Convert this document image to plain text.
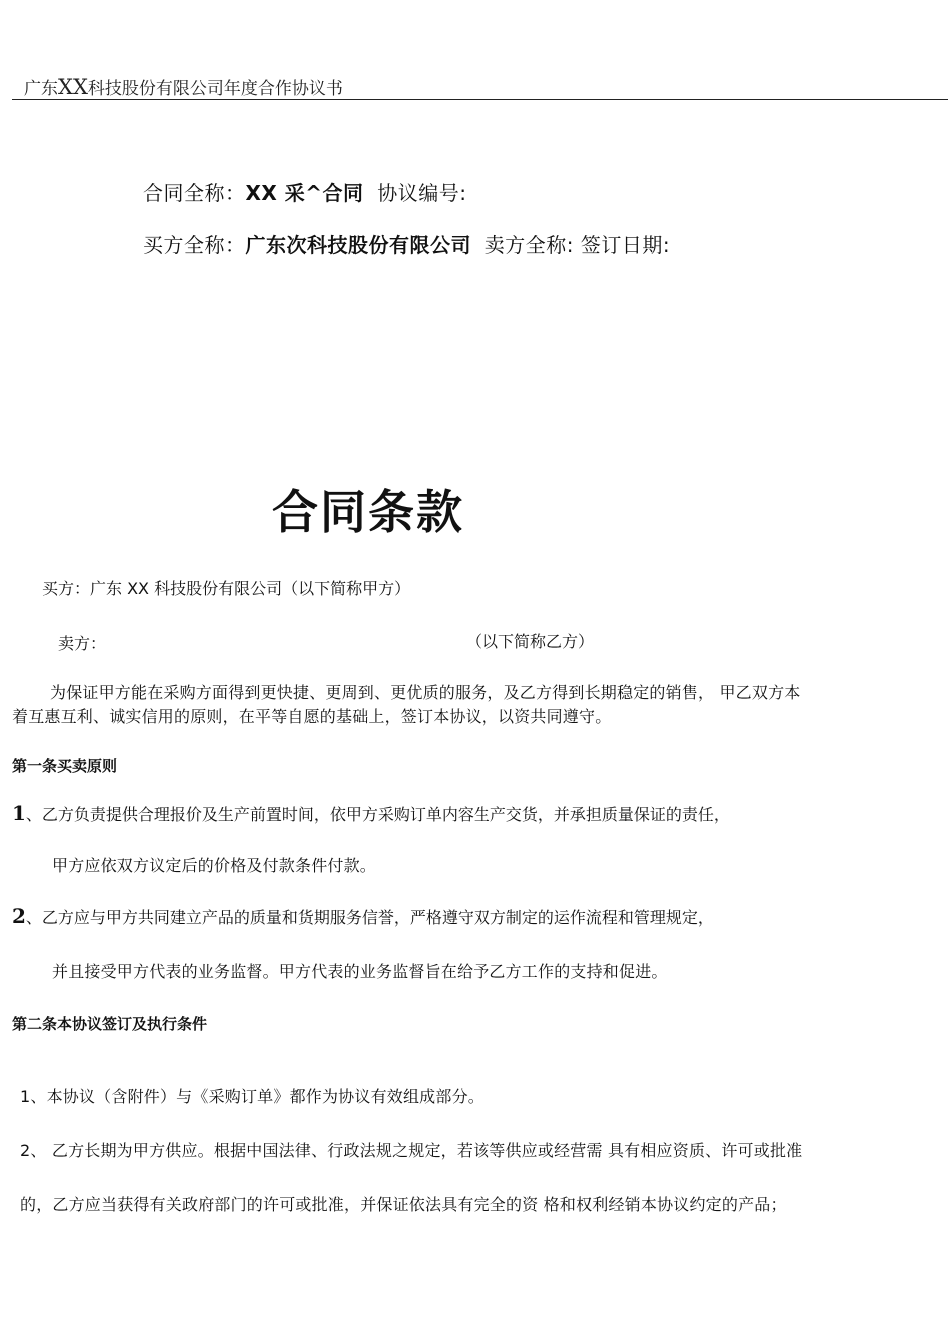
广东XX科技股份有限公司年度合作协议书
合同全称：XX 采^合同 协议编号:
买方全称：广东次科技股份有限公司 卖方全称: 签订日期:
合同条款
买方：广东 XX 科技股份有限公司（以下简称甲方）
卖方：	（以下简称乙方）
为保证甲方能在采购方面得到更快捷、更周到、更优质的服务，及乙方得到长期稳定的销售， 甲乙双方本
着互惠互利、诚实信用的原则，在平等自愿的基础上，签订本协议，以资共同遵守。
第一条买卖原则
1、乙方负责提供合理报价及生产前置时间，依甲方采购订单内容生产交货，并承担质量保证的责任，
甲方应依双方议定后的价格及付款条件付款。
2、乙方应与甲方共同建立产品的质量和货期服务信誉，严格遵守双方制定的运作流程和管理规定，
并且接受甲方代表的业务监督。甲方代表的业务监督旨在给予乙方工作的支持和促进。
第二条本协议签订及执行条件
1、本协议（含附件）与《采购订单》都作为协议有效组成部分。
2、 乙方长期为甲方供应。根据中国法律、行政法规之规定，若该等供应或经营需 具有相应资质、许可或批准
的，乙方应当获得有关政府部门的许可或批准，并保证依法具有完全的资 格和权利经销本协议约定的产品；
